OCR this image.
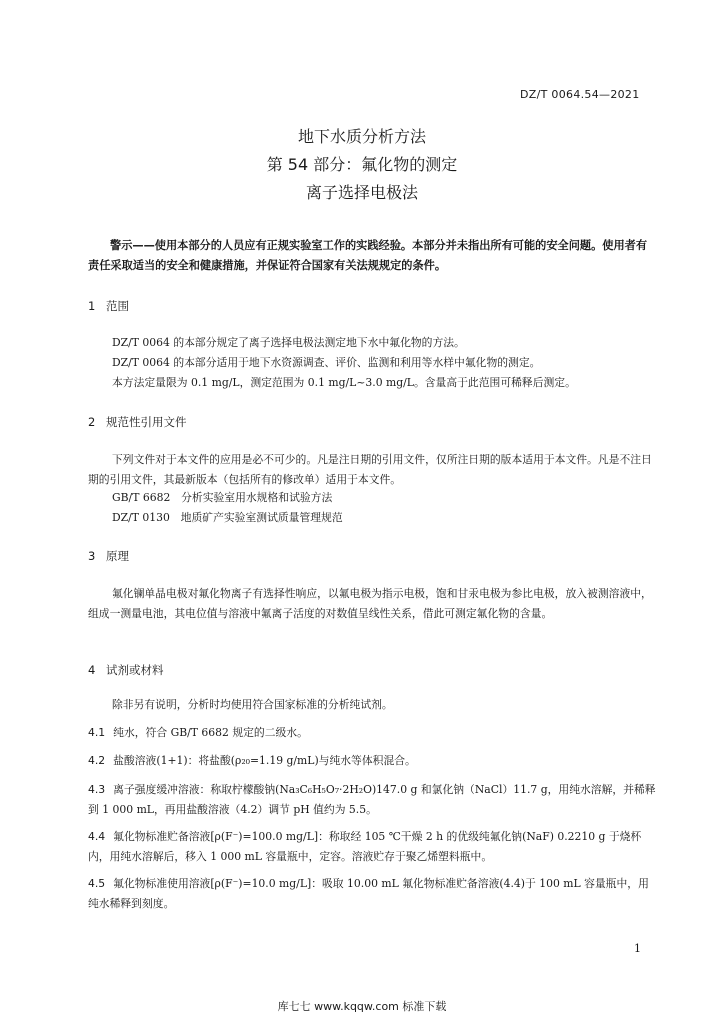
DZ/T 0064.54—2021
地下水质分析方法
第 54 部分：氟化物的测定
离子选择电极法
警示——使用本部分的人员应有正规实验室工作的实践经验。本部分并未指出所有可能的安全问题。使用者有责任采取适当的安全和健康措施，并保证符合国家有关法规规定的条件。
1 范围
DZ/T 0064 的本部分规定了离子选择电极法测定地下水中氟化物的方法。
DZ/T 0064 的本部分适用于地下水资源调查、评价、监测和利用等水样中氟化物的测定。
本方法定量限为 0.1 mg/L，测定范围为 0.1 mg/L~3.0 mg/L。含量高于此范围可稀释后测定。
2 规范性引用文件
下列文件对于本文件的应用是必不可少的。凡是注日期的引用文件，仅所注日期的版本适用于本文件。凡是不注日期的引用文件，其最新版本（包括所有的修改单）适用于本文件。
GB/T 6682　分析实验室用水规格和试验方法
DZ/T 0130　地质矿产实验室测试质量管理规范
3 原理
氟化镧单晶电极对氟化物离子有选择性响应，以氟电极为指示电极，饱和甘汞电极为参比电极，放入被测溶液中，组成一测量电池，其电位值与溶液中氟离子活度的对数值呈线性关系，借此可测定氟化物的含量。
4 试剂或材料
除非另有说明，分析时均使用符合国家标准的分析纯试剂。
4.1 纯水，符合 GB/T 6682 规定的二级水。
4.2 盐酸溶液(1+1)：将盐酸(ρ₂₀=1.19 g/mL)与纯水等体积混合。
4.3 离子强度缓冲溶液：称取柠檬酸钠(Na₃C₆H₅O₇·2H₂O)147.0 g 和氯化钠（NaCl）11.7 g，用纯水溶解，并稀释到 1 000 mL，再用盐酸溶液（4.2）调节 pH 值约为 5.5。
4.4 氟化物标准贮备溶液[ρ(F⁻)=100.0 mg/L]：称取经 105 ℃干燥 2 h 的优级纯氟化钠(NaF) 0.2210 g 于烧杯内，用纯水溶解后，移入 1 000 mL 容量瓶中，定容。溶液贮存于聚乙烯塑料瓶中。
4.5 氟化物标准使用溶液[ρ(F⁻)=10.0 mg/L]：吸取 10.00 mL 氟化物标准贮备溶液(4.4)于 100 mL 容量瓶中，用纯水稀释到刻度。
1
库七七 www.kqqw.com 标准下载
